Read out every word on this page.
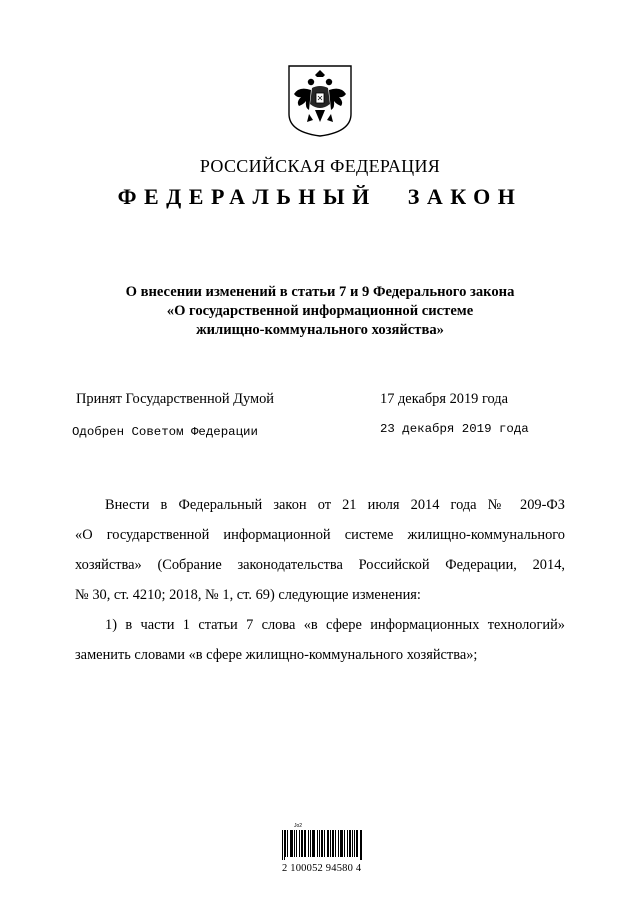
РОССИЙСКАЯ ФЕДЕРАЦИЯ
ФЕДЕРАЛЬНЫЙ ЗАКОН
О внесении изменений в статьи 7 и 9 Федерального закона
«О государственной информационной системе
жилищно-коммунального хозяйства»
Принят Государственной Думой	17 декабря 2019 года
Одобрен Советом Федерации	23 декабря 2019 года

Внести в Федеральный закон от 21 июля 2014 года № 209-ФЗ
«О государственной информационной системе жилищно-коммунального
хозяйства» (Собрание законодательства Российской Федерации, 2014,
№ 30, ст. 4210; 2018, № 1, ст. 69) следующие изменения:

1) в части 1 статьи 7 слова «в сфере информационных технологий»
заменить словами «в сфере жилищно-коммунального хозяйства»;

Jo2
2 100052 94580 4
